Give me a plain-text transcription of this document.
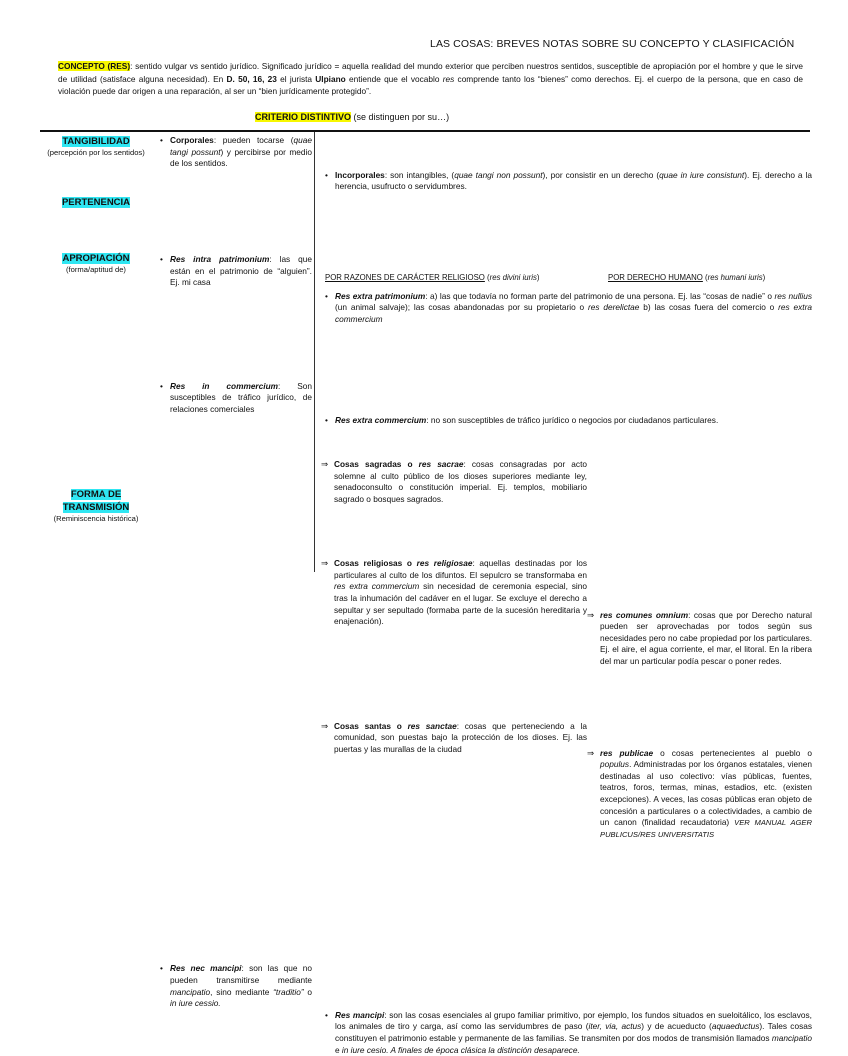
LAS COSAS: BREVES NOTAS SOBRE SU CONCEPTO Y CLASIFICACIÓN
CONCEPTO (RES): sentido vulgar vs sentido jurídico. Significado jurídico = aquella realidad del mundo exterior que perciben nuestros sentidos, susceptible de apropiación por el hombre y que le sirve de utilidad (satisface alguna necesidad). En D. 50, 16, 23 el jurista Ulpiano entiende que el vocablo res comprende tanto los “bienes” como derechos. Ej. el cuerpo de la persona, que en caso de violación puede dar origen a una reparación, al ser un “bien jurídicamente protegido”.
CRITERIO DISTINTIVO (se distinguen por su…)
TANGIBILIDAD
(percepción por los sentidos)
• Corporales: pueden tocarse (quae tangi possunt) y percibirse por medio de los sentidos.
• Incorporales: son intangibles, (quae tangi non possunt), por consistir en un derecho (quae in iure consistunt). Ej. derecho a la herencia, usufructo o servidumbres.
PERTENENCIA
• Res intra patrimonium: las que están en el patrimonio de “alguien”. Ej. mi casa
• Res extra patrimonium: a) las que todavía no forman parte del patrimonio de una persona. Ej. las “cosas de nadie” o res nullius (un animal salvaje); las cosas abandonadas por su propietario o res derelictae b) las cosas fuera del comercio o res extra commercium
APROPIACIÓN
(forma/aptitud de)
• Res in commercium: Son susceptibles de tráfico jurídico, de relaciones comerciales
• Res extra commercium: no son susceptibles de tráfico jurídico o negocios por ciudadanos particulares.
POR RAZONES DE CARÁCTER RELIGIOSO (res divini iuris)	POR DERECHO HUMANO (res humani iuris)
⇒ Cosas sagradas o res sacrae: cosas consagradas por acto solemne al culto público de los dioses superiores mediante ley, senadoconsulto o constitución imperial. Ej. templos, mobiliario sagrado o bosques sagrados.
⇒ Cosas religiosas o res religiosae: aquellas destinadas por los particulares al culto de los difuntos. El sepulcro se transformaba en res extra commercium sin necesidad de ceremonia especial, sino tras la inhumación del cadáver en el lugar. Se excluye el derecho a sepultar y ser sepultado (formaba parte de la sucesión hereditaria y enajenación).
⇒ Cosas santas o res sanctae: cosas que perteneciendo a la comunidad, son puestas bajo la protección de los dioses. Ej. las puertas y las murallas de la ciudad
⇒ res comunes omnium: cosas que por Derecho natural pueden ser aprovechadas por todos según sus necesidades pero no cabe propiedad por los particulares. Ej. el aire, el agua corriente, el mar, el litoral. En la ribera del mar un particular podía pescar o poner redes.
⇒ res publicae o cosas pertenecientes al pueblo o populus. Administradas por los órganos estatales, vienen destinadas al uso colectivo: vías públicas, fuentes, teatros, foros, termas, minas, estadios, etc. (existen excepciones). A veces, las cosas públicas eran objeto de concesión a particulares o a colectividades, a cambio de un canon (finalidad recaudatoria) VER MANUAL AGER PUBLICUS/RES UNIVERSITATIS
FORMA DE
TRANSMISIÓN
(Reminiscencia histórica)
• Res nec mancipi: son las que no pueden transmitirse mediante mancipatio, sino mediante “traditio” o in iure cessio.
• Res mancipi: son las cosas esenciales al grupo familiar primitivo, por ejemplo, los fundos situados en sueloitálico, los esclavos, los animales de tiro y carga, así como las servidumbres de paso (iter, via, actus) y de acueducto (aquaeductus). Tales cosas constituyen el patrimonio estable y permanente de las familias. Se transmiten por dos modos de transmisión llamados mancipatio e in iure cesio. A finales de época clásica la distinción desaparece.
